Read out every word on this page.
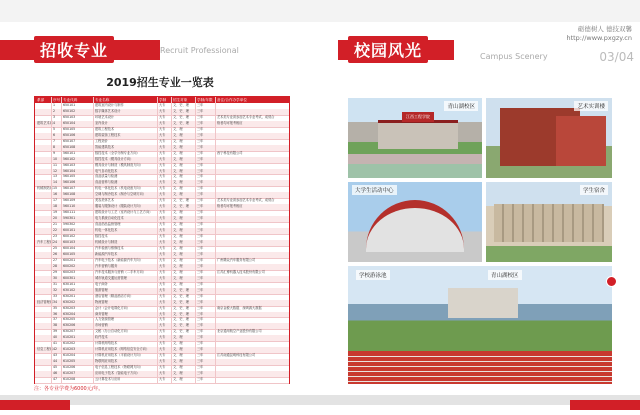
招收专业	Recruit Professional
2019招生专业一览表
系部 序号 专业代码	专业名称	学制 招生对象	学制/年限 备注/合作办学单位
1 650101	建筑室内设计与制作	大专 文、史、理	三年
2 650102	数字媒体艺术设计	大专 文、史、理	三年
3 650103	环境艺术设计	大专 文、史、理	三年	艺术类专业须参加艺术专业考试，成绩合
建筑艺术系 4 650104	室内设计	大专 文、史、理	三年	格者均可报考相应
5 650105	建筑工程技术	大专 文、理	三年
6 650106	建筑装饰工程技术	大专 文、理	三年
7 650107	工程造价	大专 文、理	三年
8 650108	智能建筑技术	大专 文、理	三年
9 560101	数控技术（全学分制专业方向）	大专 文、理	三年	西宁科技有限公司
10 560102	数控技术（模具设计方向）	大专 文、理	三年
11 560103	模具设计与制造（模具制造方向）	大专 文、理	三年
12 560104	电气自动化技术	大专 文、理	三年
13 560105	食品质量与检测	大专 文、理	三年
14 560106	食品营养与检测	大专 文、理	三年
机械制造系 15 560107	机电一体化技术（机电设备方向）	大专 文、理	三年
16 560108	空调与制冷技术（制冷与空调方向）	大专 文、理	三年
17 560109	美容美体艺术	大专 文、史、理	三年	艺术类专业须参加艺术专业考试，成绩合
18 560110	服装与服饰设计（服装设计方向）	大专 文、史、理	三年	格者均可报考相应
19 560111	建筑设计与工艺（室内设计与工艺方向） 大专 文、理	三年
20 590301	电力系统自动化技术	大专 文、理	三年
21 590302	食品药品监督管理	大专 文、理	三年
22 600101	机电一体化技术	大专 文、理	三年
23 600102	数控技术	大专 文、理	三年
汽车工程系 24 600103	机械设计与制造	大专 文、理	三年
25 600104	汽车检测与维修技术	大专 文、理	三年
26 600105	新能源汽车技术	大专 文、理	三年
27 600201	汽车电子技术（新能源汽车方向）	大专 文、理	三年	广州腾众汽车服务有限公司
28 600202	汽车营销与服务	大专 文、理	三年
29 600203	汽车技术服务与营销（二手车方向）	大专 文、理	三年	江苏汇博机器人技术股份有限公司
30 600301	城市轨道交通运营管理	大专 文、理	三年
31 630101	电子商务	大专 文、理	三年
32 630102	旅游管理	大专 文、史、理	三年
33 630201	酒店管理（精品酒店方向）	大专 文、史、理	三年
经济管理系 34 630202	物流管理	大专 文、史、理	三年
35 630203	会计（会计电算化方向）	大专 文、史、理	三年	南京金税大数据、深圳源大数据
36 630204	商务管理	大专 文、史、理	三年
37 630205	人力资源管理	大专 文、史、理	三年
38 630206	市场营销	大专 文、史、理	三年
39 630207	文秘（办公自动化方向）	大专 文、史、理	三年	北京通用航空产业股份有限公司
40 610201	软件技术	大专 文、理	三年
41 610202	计算机网络技术	大专 文、理	三年
信息工程系 42 610203	计算机应用技术（网络信息安全方向）	大专 文、理	三年
43 610204	计算机应用技术（平面设计方向）	大专 文、理	三年	江苏南通昆明科技有限公司
44 610205	物联网应用技术	大专 文、理	三年
45 610206	电子信息工程技术（物联网方向）	大专 文、理	三年
46 610207	应用电子技术（智能电子方向）	大专 文、理	三年
47 610208	云计算技术与应用	大专 文、理	三年
注：各专业学费为6000元/年。
砺德树人 德技双馨
http://www.pxgzy.cn
校园风光	Campus Scenery	03/04
江西工程学院
青山湖校区	艺术实训楼
大学生活动中心	学生宿舍
学校游泳池	青山湖校区
